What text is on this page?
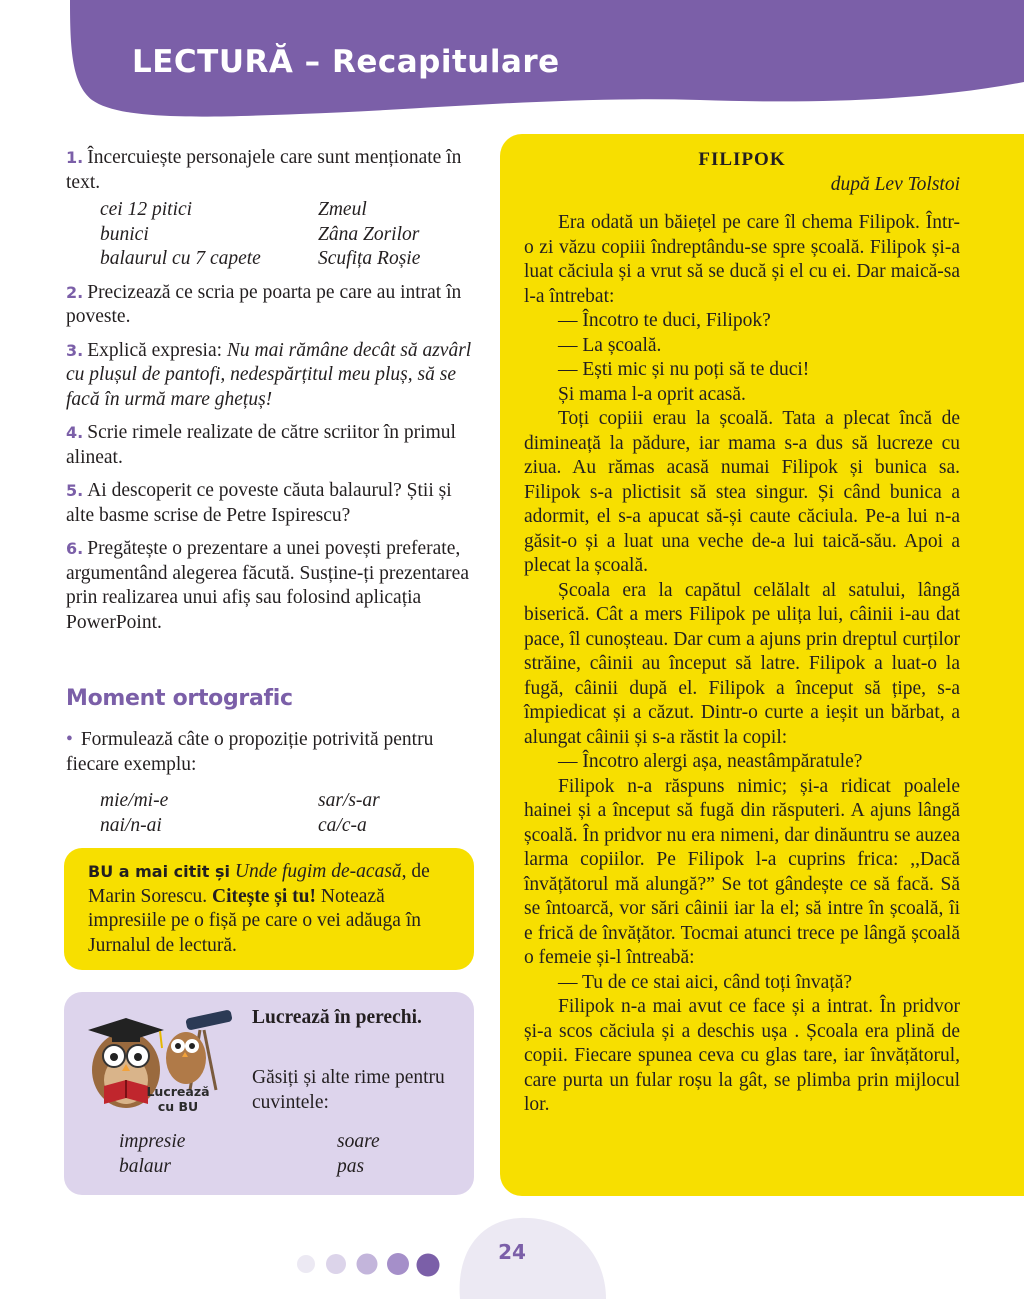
LECTURĂ – Recapitulare
1. Încercuiește personajele care sunt menționate în text.
cei 12 pitici	Zmeul
bunici	Zâna Zorilor
balaurul cu 7 capete	Scufița Roșie
2. Precizează ce scria pe poarta pe care au intrat în poveste.
3. Explică expresia: Nu mai rămâne decât să azvârl cu plușul de pantofi, nedespărțitul meu pluș, să se facă în urmă mare ghețuș!
4. Scrie rimele realizate de către scriitor în primul alineat.
5. Ai descoperit ce poveste căuta balaurul? Știi și alte basme scrise de Petre Ispirescu?
6. Pregătește o prezentare a unei povești preferate, argumentând alegerea făcută. Susține-ți prezentarea prin realizarea unui afiș sau folosind aplicația PowerPoint.
Moment ortografic
• Formulează câte o propoziție potrivită pentru fiecare exemplu:
mie/mi-e	sar/s-ar
nai/n-ai	ca/c-a
BU a mai citit și Unde fugim de-acasă, de Marin Sorescu. Citește și tu! Notează impresiile pe o fișă pe care o vei adăuga în Jurnalul de lectură.
Lucrează cu BU
Lucrează în perechi.
Găsiți și alte rime pentru cuvintele:
impresie	soare
balaur	pas
FILIPOK
după Lev Tolstoi

Era odată un băiețel pe care îl chema Filipok. Într-o zi văzu copiii îndreptându-se spre școală. Filipok și-a luat căciula și a vrut să se ducă și el cu ei. Dar maică-sa l-a întrebat:

— Încotro te duci, Filipok?

— La școală.

— Ești mic și nu poți să te duci!

Și mama l-a oprit acasă.

Toți copiii erau la școală. Tata a plecat încă de dimineață la pădure, iar mama s-a dus să lucreze cu ziua. Au rămas acasă numai Filipok și bunica sa. Filipok s-a plictisit să stea singur. Și când bunica a adormit, el s-a apucat să-și caute căciula. Pe-a lui n-a găsit-o și a luat una veche de-a lui taică-său. Apoi a plecat la școală.

Școala era la capătul celălalt al satului, lângă biserică. Cât a mers Filipok pe ulița lui, câinii i-au dat pace, îl cunoșteau. Dar cum a ajuns prin dreptul curților străine, câinii au început să latre. Filipok a luat-o la fugă, câinii după el. Filipok a început să țipe, s-a împiedicat și a căzut. Dintr-o curte a ieșit un bărbat, a alungat câinii și s-a răstit la copil:

— Încotro alergi așa, neastâmpăratule?

Filipok n-a răspuns nimic; și-a ridicat poalele hainei și a început să fugă din răsputeri. A ajuns lângă școală. În pridvor nu era nimeni, dar dinăuntru se auzea larma copiilor. Pe Filipok l-a cuprins frica: ,,Dacă învățătorul mă alungă?” Se tot gândește ce să facă. Să se întoarcă, vor sări câinii iar la el; să intre în școală, îi e frică de învățător. Tocmai atunci trece pe lângă școală o femeie și-l întreabă:

— Tu de ce stai aici, când toți învață?

Filipok n-a mai avut ce face și a intrat. În pridvor și-a scos căciula și a deschis ușa . Școala era plină de copii. Fiecare spunea ceva cu glas tare, iar învățătorul, care purta un fular roșu la gât, se plimba prin mijlocul lor.

24
